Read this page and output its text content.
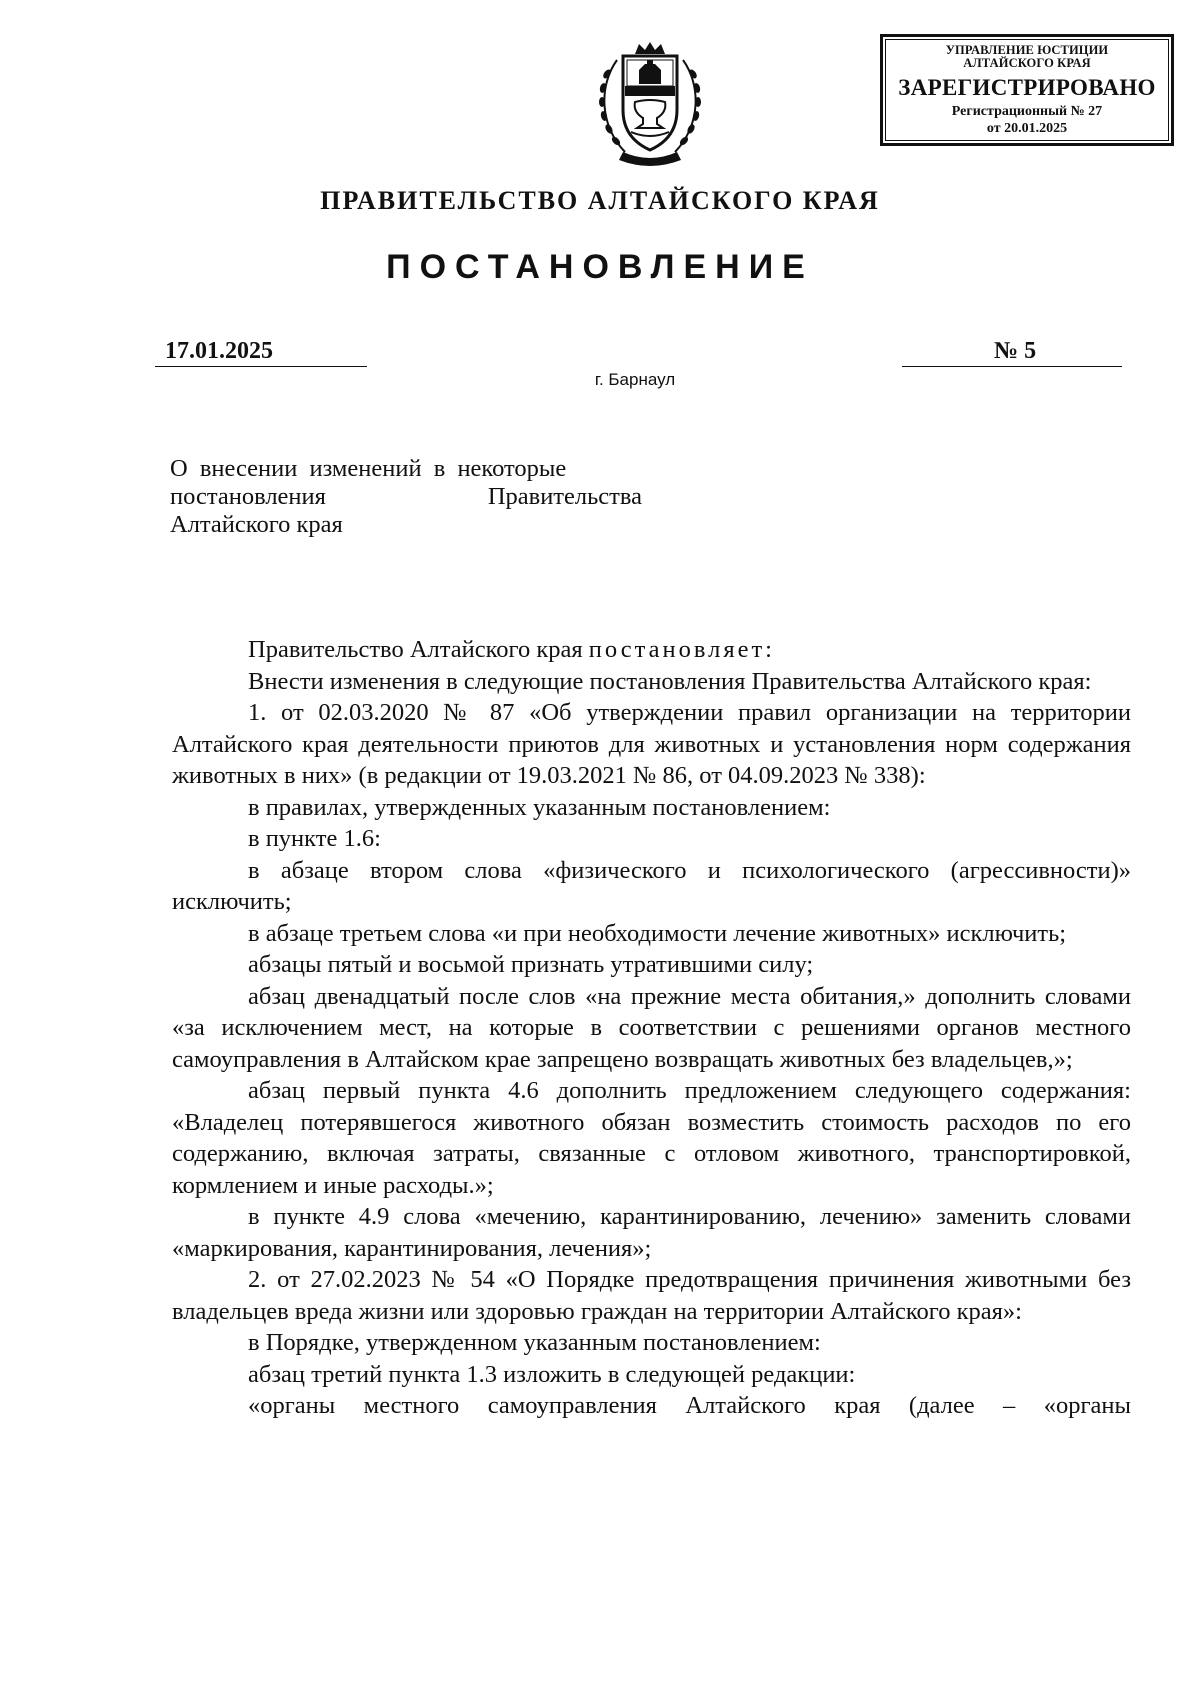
УПРАВЛЕНИЕ ЮСТИЦИИ
АЛТАЙСКОГО КРАЯ
ЗАРЕГИСТРИРОВАНО
Регистрационный № 27
от 20.01.2025
ПРАВИТЕЛЬСТВО АЛТАЙСКОГО КРАЯ
ПОСТАНОВЛЕНИЕ
17.01.2025	№ 5
г. Барнаул
О внесении изменений в некоторые
постановления	Правительства
Алтайского края

Правительство Алтайского края постановляет:

Внести изменения в следующие постановления Правительства Алтайского края:

1. от 02.03.2020 № 87 «Об утверждении правил организации на территории Алтайского края деятельности приютов для животных и установления норм содержания животных в них» (в редакции от 19.03.2021 № 86, от 04.09.2023 № 338):

в правилах, утвержденных указанным постановлением:

в пункте 1.6:

в абзаце втором слова «физического и психологического (агрессивности)» исключить;

в абзаце третьем слова «и при необходимости лечение животных» исключить;

абзацы пятый и восьмой признать утратившими силу;

абзац двенадцатый после слов «на прежние места обитания,» дополнить словами «за исключением мест, на которые в соответствии с решениями органов местного самоуправления в Алтайском крае запрещено возвращать животных без владельцев,»;

абзац первый пункта 4.6 дополнить предложением следующего содержания: «Владелец потерявшегося животного обязан возместить стоимость расходов по его содержанию, включая затраты, связанные с отловом животного, транспортировкой, кормлением и иные расходы.»;

в пункте 4.9 слова «мечению, карантинированию, лечению» заменить словами «маркирования, карантинирования, лечения»;

2. от 27.02.2023 № 54 «О Порядке предотвращения причинения животными без владельцев вреда жизни или здоровью граждан на территории Алтайского края»:

в Порядке, утвержденном указанным постановлением:

абзац третий пункта 1.3 изложить в следующей редакции:

«органы местного самоуправления Алтайского края (далее – «органы
